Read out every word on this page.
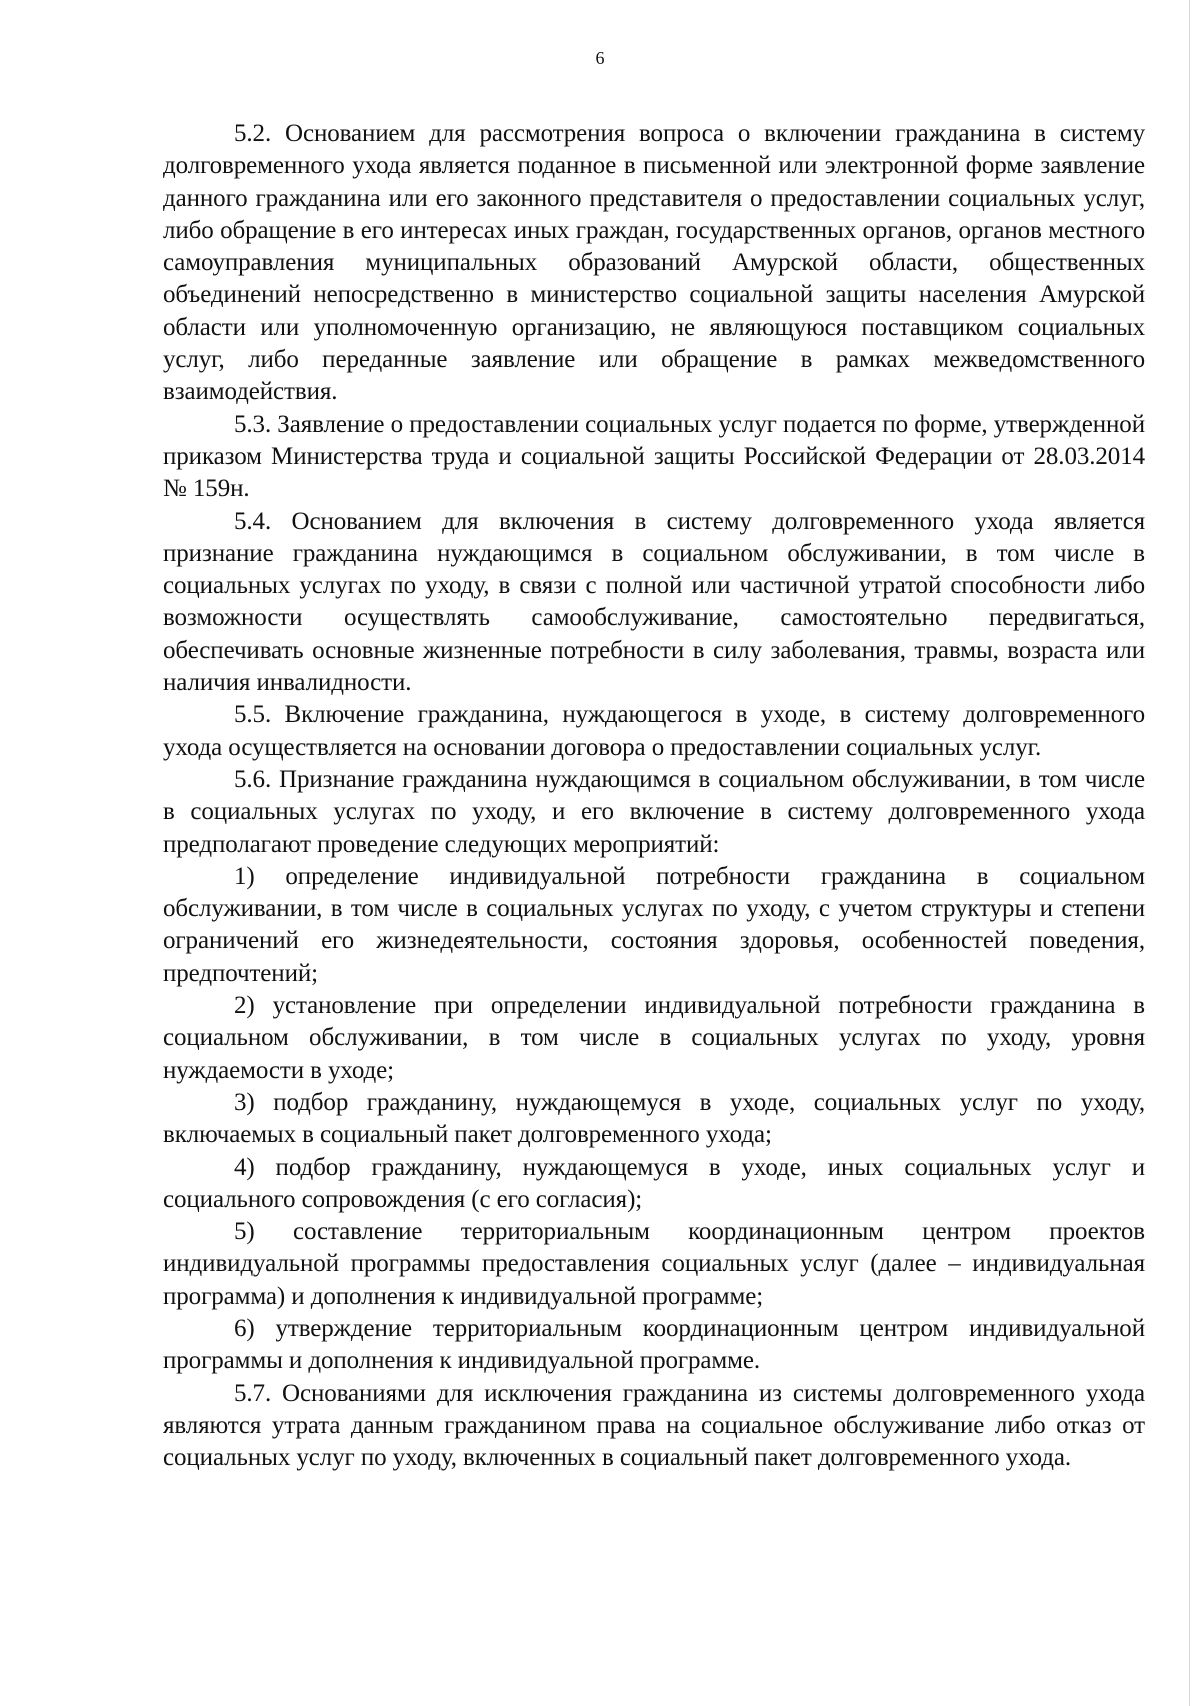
6

5.2. Основанием для рассмотрения вопроса о включении гражданина в систему долговременного ухода является поданное в письменной или электронной форме заявление данного гражданина или его законного представителя о предоставлении социальных услуг, либо обращение в его интересах иных граждан, государственных органов, органов местного самоуправления муниципальных образований Амурской области, общественных объединений непосредственно в министерство социальной защиты населения Амурской области или уполномоченную организацию, не являющуюся поставщиком социальных услуг, либо переданные заявление или обращение в рамках межведомственного взаимодействия.

5.3. Заявление о предоставлении социальных услуг подается по форме, утвержденной приказом Министерства труда и социальной защиты Российской Федерации от 28.03.2014 № 159н.

5.4. Основанием для включения в систему долговременного ухода является признание гражданина нуждающимся в социальном обслуживании, в том числе в социальных услугах по уходу, в связи с полной или частичной утратой способности либо возможности осуществлять самообслуживание, самостоятельно передвигаться, обеспечивать основные жизненные потребности в силу заболевания, травмы, возраста или наличия инвалидности.

5.5. Включение гражданина, нуждающегося в уходе, в систему долговременного ухода осуществляется на основании договора о предоставлении социальных услуг.

5.6. Признание гражданина нуждающимся в социальном обслуживании, в том числе в социальных услугах по уходу, и его включение в систему долговременного ухода предполагают проведение следующих мероприятий:

1) определение индивидуальной потребности гражданина в социальном обслуживании, в том числе в социальных услугах по уходу, с учетом структуры и степени ограничений его жизнедеятельности, состояния здоровья, особенностей поведения, предпочтений;

2) установление при определении индивидуальной потребности гражданина в социальном обслуживании, в том числе в социальных услугах по уходу, уровня нуждаемости в уходе;

3) подбор гражданину, нуждающемуся в уходе, социальных услуг по уходу, включаемых в социальный пакет долговременного ухода;

4) подбор гражданину, нуждающемуся в уходе, иных социальных услуг и социального сопровождения (с его согласия);

5) составление территориальным координационным центром проектов индивидуальной программы предоставления социальных услуг (далее – индивидуальная программа) и дополнения к индивидуальной программе;

6) утверждение территориальным координационным центром индивидуальной программы и дополнения к индивидуальной программе.

5.7. Основаниями для исключения гражданина из системы долговременного ухода являются утрата данным гражданином права на социальное обслуживание либо отказ от социальных услуг по уходу, включенных в социальный пакет долговременного ухода.
